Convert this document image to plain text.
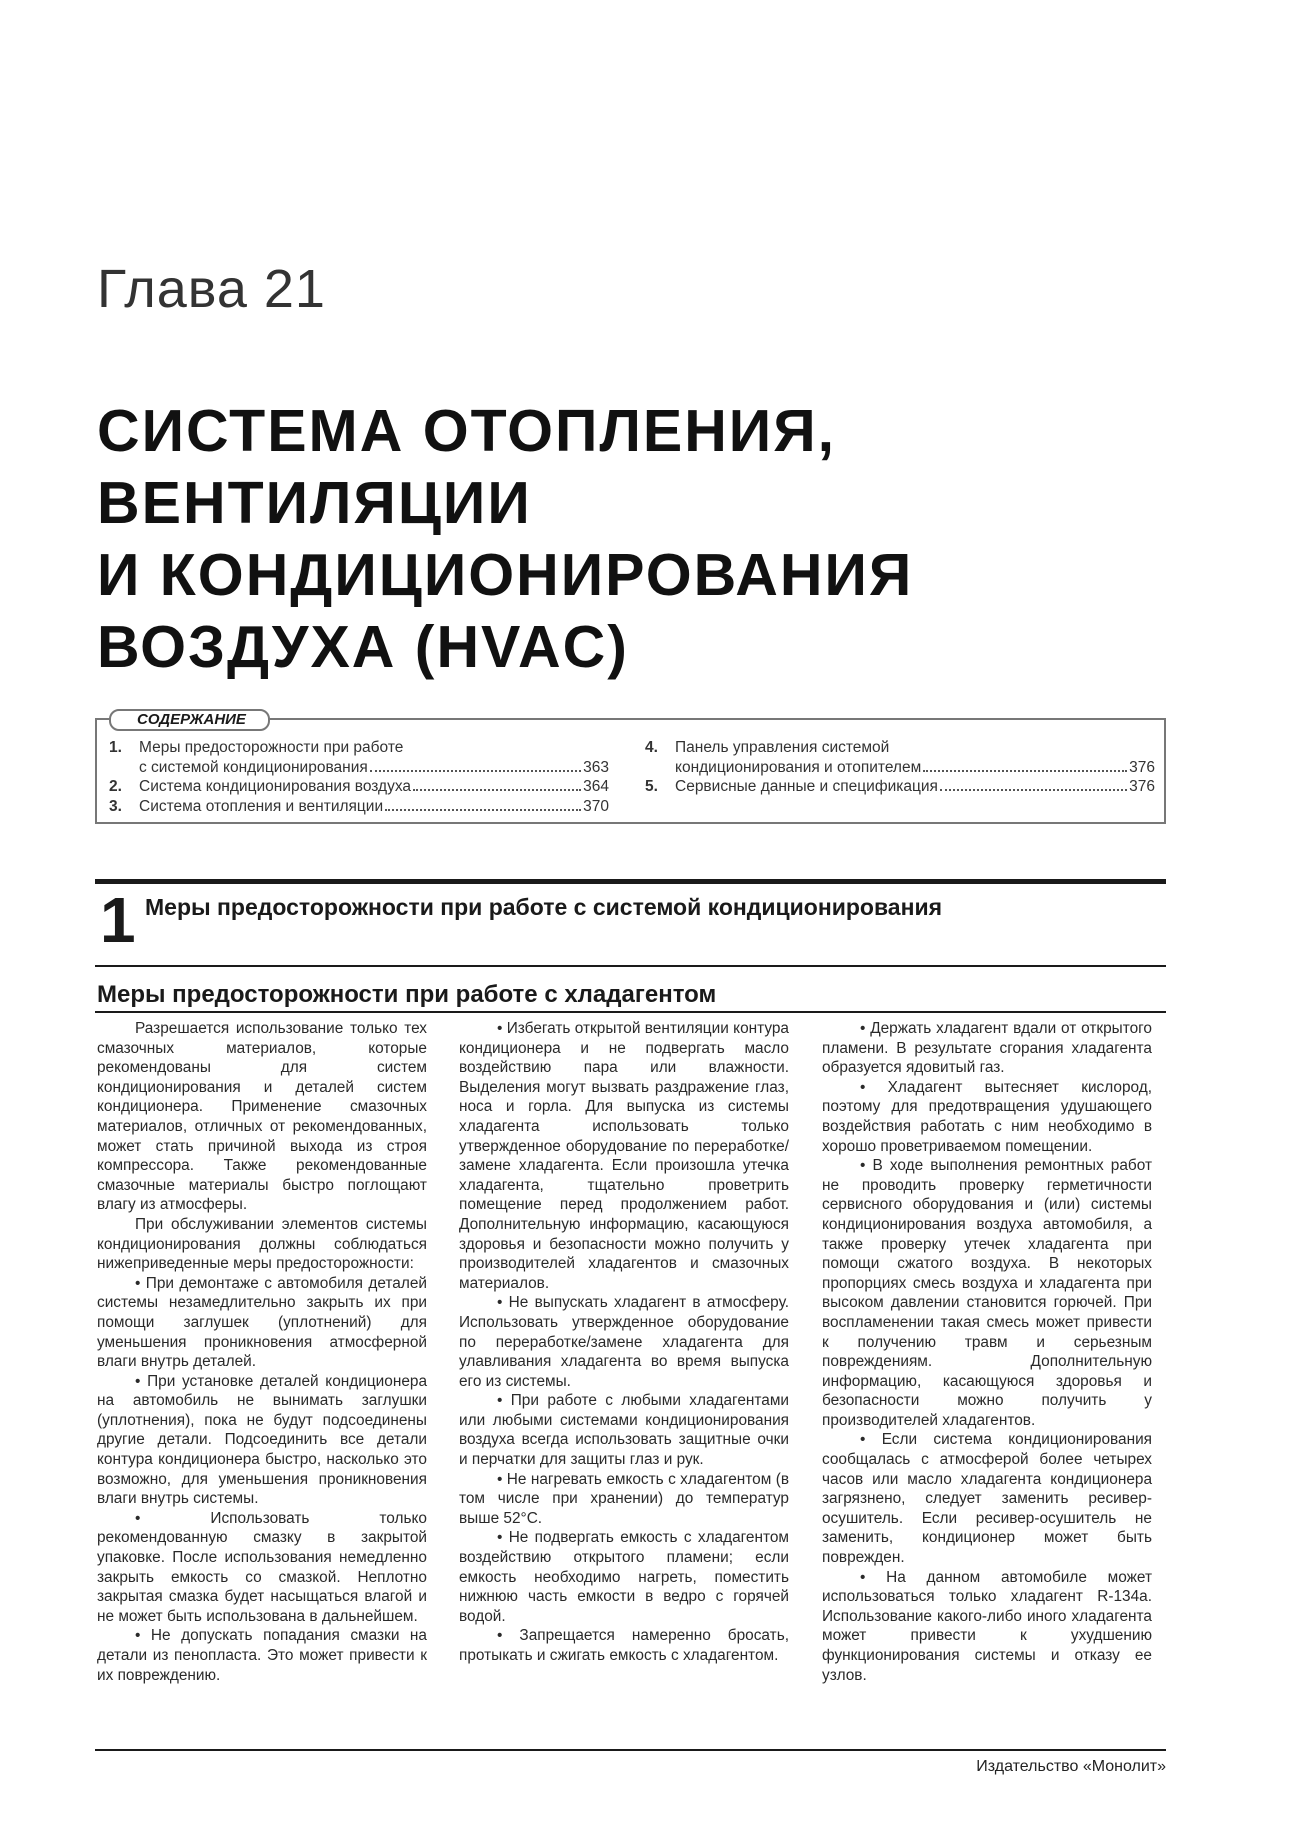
Глава 21
СИСТЕМА ОТОПЛЕНИЯ,
ВЕНТИЛЯЦИИ
И КОНДИЦИОНИРОВАНИЯ
ВОЗДУХА (HVAC)
СОДЕРЖАНИЕ
1.	Меры предосторожности при работе
с системой кондиционирования	363
2.	Система кондиционирования воздуха	364
3.	Система отопления и вентиляции	370
4.	Панель управления системой
кондиционирования и отопителем	376
5.	Сервисные данные и спецификация	376
1 Меры предосторожности при работе с системой кондиционирования
Меры предосторожности при работе с хладагентом

Разрешается использование только тех смазочных материалов, которые рекомендованы для систем кондиционирования и деталей систем кондиционера. Применение смазочных материалов, отличных от рекомендованных, может стать причиной выхода из строя компрессора. Также рекомендованные смазочные материалы быстро поглощают влагу из атмосферы.

При обслуживании элементов системы кондиционирования должны соблюдаться нижеприведенные меры предосторожности:

• При демонтаже с автомобиля деталей системы незамедлительно закрыть их при помощи заглушек (уплотнений) для уменьшения проникновения атмосферной влаги внутрь деталей.

• При установке деталей кондиционера на автомобиль не вынимать заглушки (уплотнения), пока не будут подсоединены другие детали. Подсоединить все детали контура кондиционера быстро, насколько это возможно, для уменьшения проникновения влаги внутрь системы.

• Использовать только рекомендованную смазку в закрытой упаковке. После использования немедленно закрыть емкость со смазкой. Неплотно закрытая смазка будет насыщаться влагой и не может быть использована в дальнейшем.

• Не допускать попадания смазки на детали из пенопласта. Это может привести к их повреждению.

• Избегать открытой вентиляции контура кондиционера и не подвергать масло воздействию пара или влажности. Выделения могут вызвать раздражение глаз, носа и горла. Для выпуска из системы хладагента использовать только утвержденное оборудование по переработке/замене хладагента. Если произошла утечка хладагента, тщательно проветрить помещение перед продолжением работ. Дополнительную информацию, касающуюся здоровья и безопасности можно получить у производителей хладагентов и смазочных материалов.

• Не выпускать хладагент в атмосферу. Использовать утвержденное оборудование по переработке/замене хладагента для улавливания хладагента во время выпуска его из системы.

• При работе с любыми хладагентами или любыми системами кондиционирования воздуха всегда использовать защитные очки и перчатки для защиты глаз и рук.

• Не нагревать емкость с хладагентом (в том числе при хранении) до температур выше 52°С.

• Не подвергать емкость с хладагентом воздействию открытого пламени; если емкость необходимо нагреть, поместить нижнюю часть емкости в ведро с горячей водой.

• Запрещается намеренно бросать, протыкать и сжигать емкость с хладагентом.

• Держать хладагент вдали от открытого пламени. В результате сгорания хладагента образуется ядовитый газ.

• Хладагент вытесняет кислород, поэтому для предотвращения удушающего воздействия работать с ним необходимо в хорошо проветриваемом помещении.

• В ходе выполнения ремонтных работ не проводить проверку герметичности сервисного оборудования и (или) системы кондиционирования воздуха автомобиля, а также проверку утечек хладагента при помощи сжатого воздуха. В некоторых пропорциях смесь воздуха и хладагента при высоком давлении становится горючей. При воспламенении такая смесь может привести к получению травм и серьезным повреждениям. Дополнительную информацию, касающуюся здоровья и безопасности можно получить у производителей хладагентов.

• Если система кондиционирования сообщалась с атмосферой более четырех часов или масло хладагента кондиционера загрязнено, следует заменить ресивер-осушитель. Если ресивер-осушитель не заменить, кондиционер может быть поврежден.

• На данном автомобиле может использоваться только хладагент R-134a. Использование какого-либо иного хладагента может привести к ухудшению функционирования системы и отказу ее узлов.

Издательство «Монолит»
